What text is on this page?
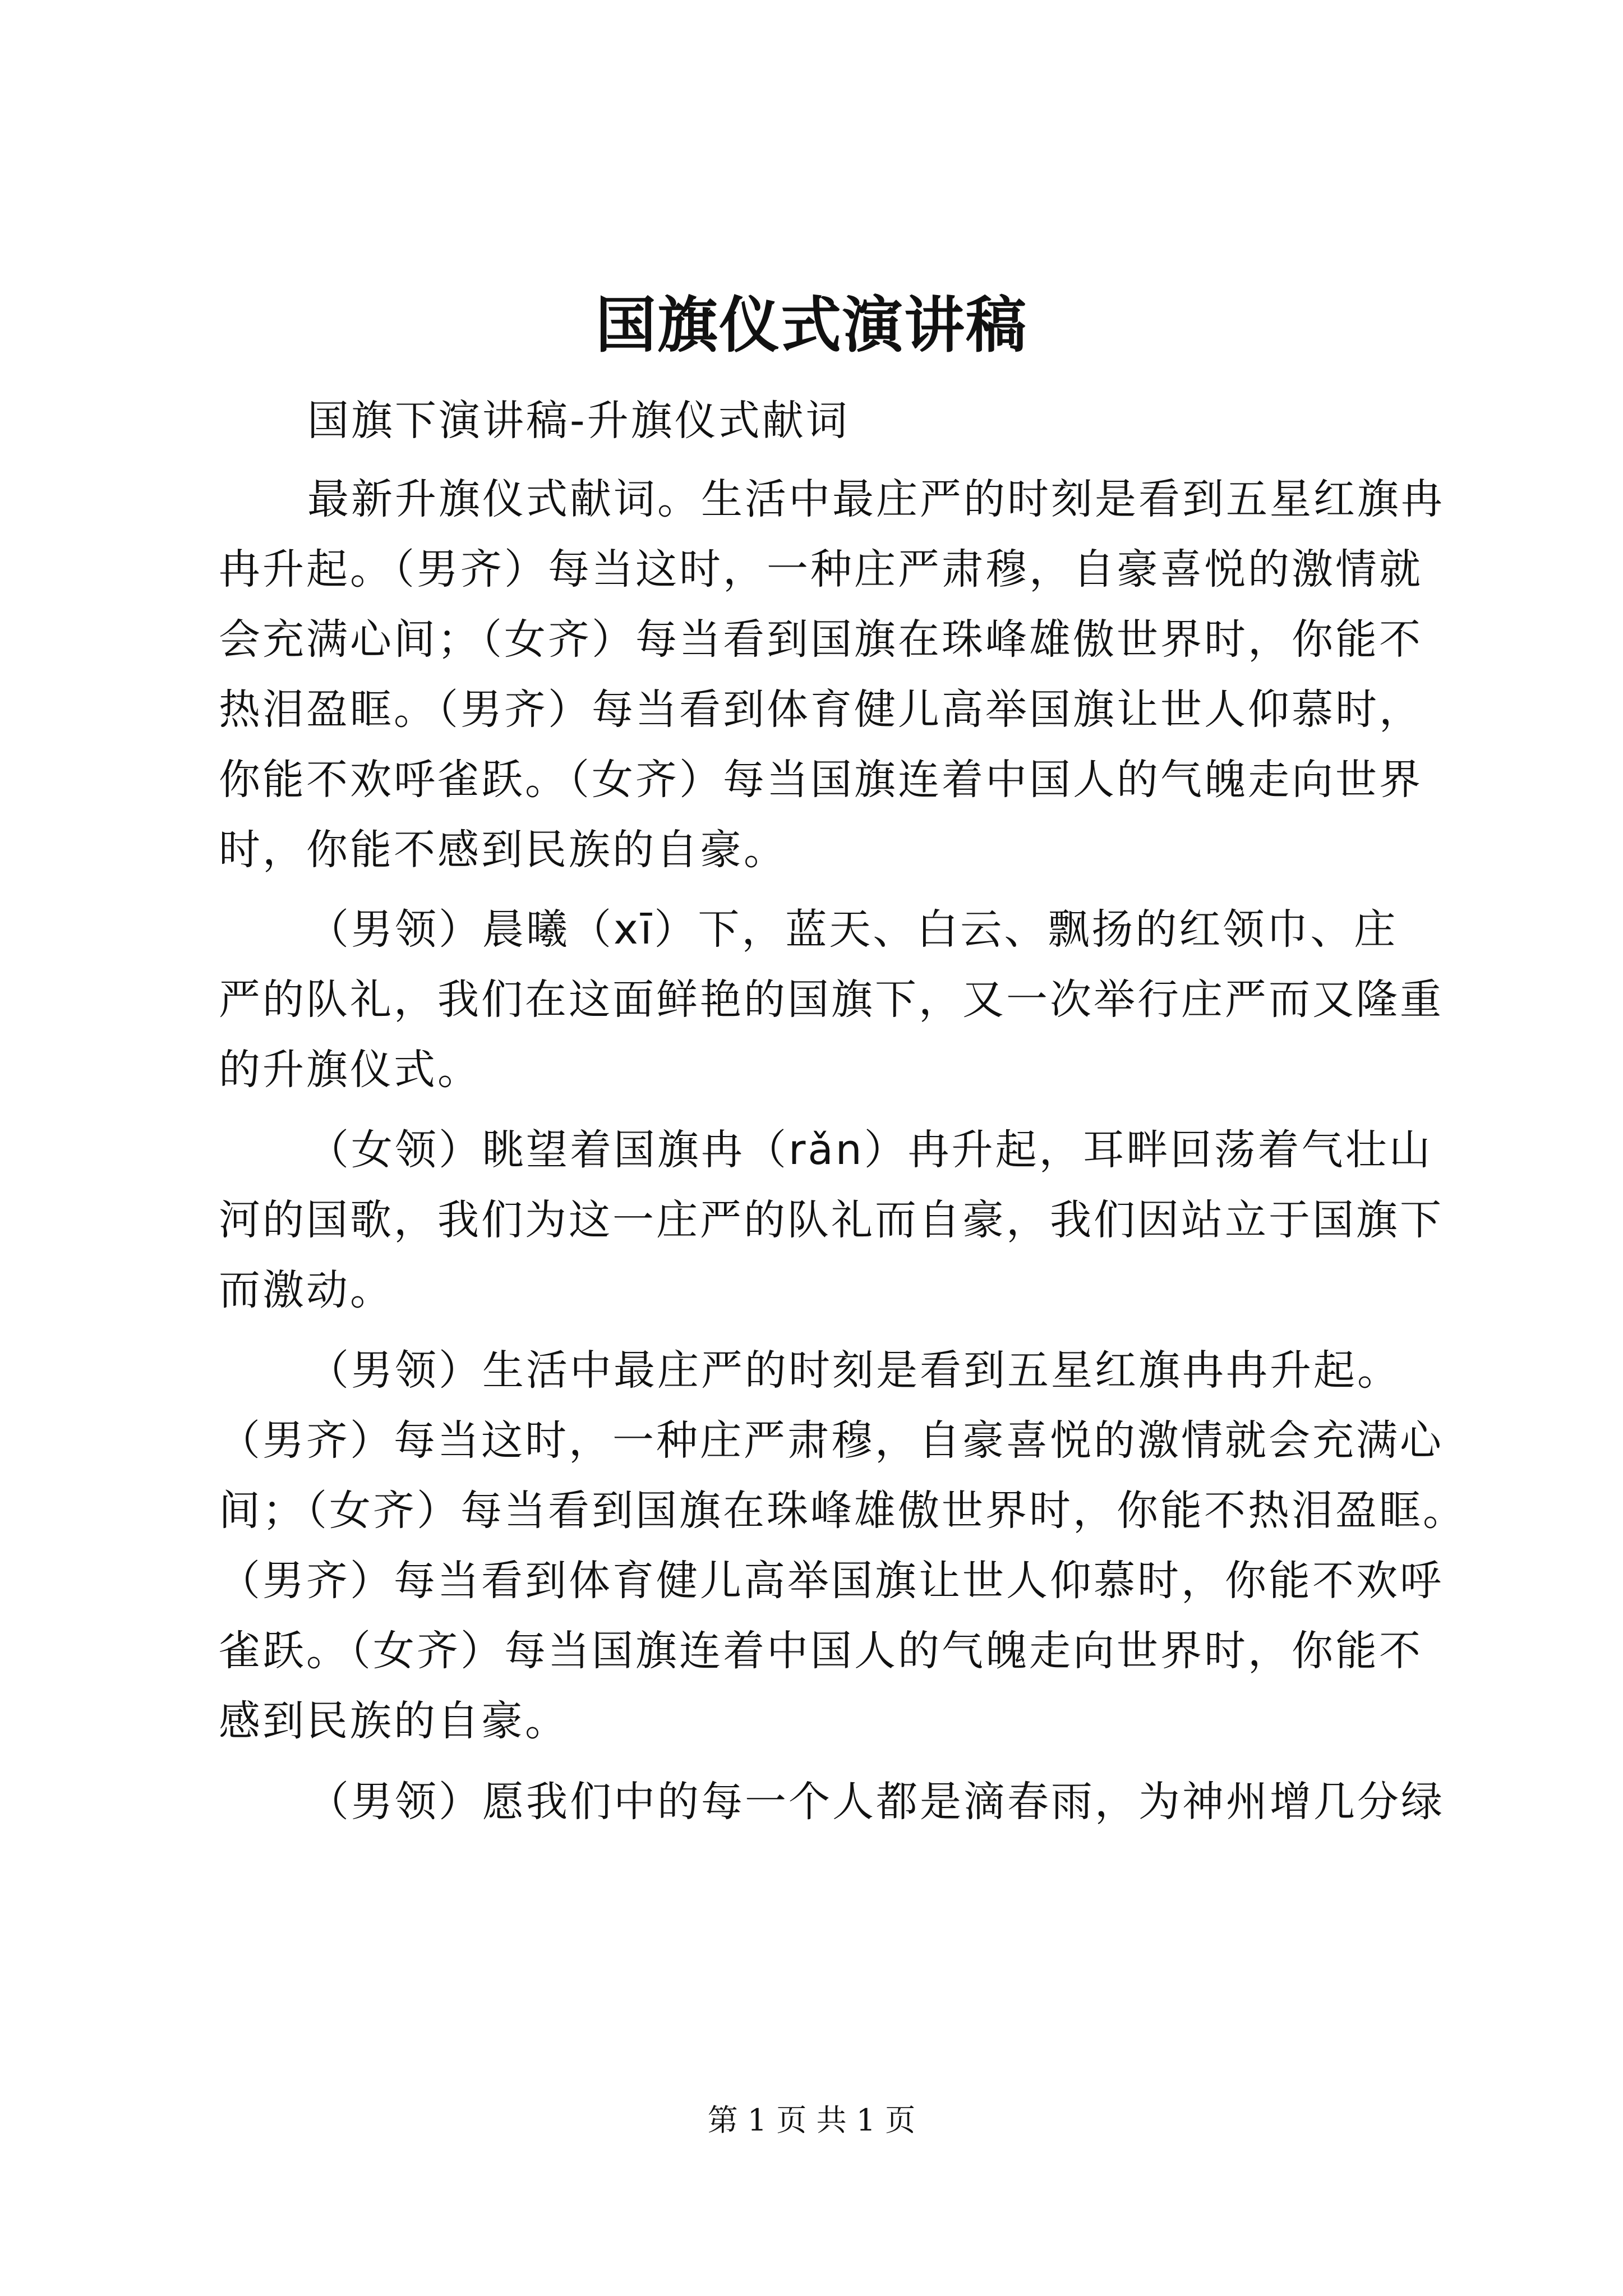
国旗仪式演讲稿
国旗下演讲稿-升旗仪式献词
最新升旗仪式献词。生活中最庄严的时刻是看到五星红旗冉
冉升起。（男齐）每当这时，一种庄严肃穆，自豪喜悦的激情就
会充满心间；（女齐）每当看到国旗在珠峰雄傲世界时，你能不
热泪盈眶。（男齐）每当看到体育健儿高举国旗让世人仰慕时，
你能不欢呼雀跃。（女齐）每当国旗连着中国人的气魄走向世界
时，你能不感到民族的自豪。
（男领）晨曦（xī）下，蓝天、白云、飘扬的红领巾、庄
严的队礼，我们在这面鲜艳的国旗下，又一次举行庄严而又隆重
的升旗仪式。
（女领）眺望着国旗冉（rǎn）冉升起，耳畔回荡着气壮山
河的国歌，我们为这一庄严的队礼而自豪，我们因站立于国旗下
而激动。
（男领）生活中最庄严的时刻是看到五星红旗冉冉升起。
（男齐）每当这时，一种庄严肃穆，自豪喜悦的激情就会充满心
间；（女齐）每当看到国旗在珠峰雄傲世界时，你能不热泪盈眶。
（男齐）每当看到体育健儿高举国旗让世人仰慕时，你能不欢呼
雀跃。（女齐）每当国旗连着中国人的气魄走向世界时，你能不
感到民族的自豪。
（男领）愿我们中的每一个人都是滴春雨，为神州增几分绿
第 1 页 共 1 页
